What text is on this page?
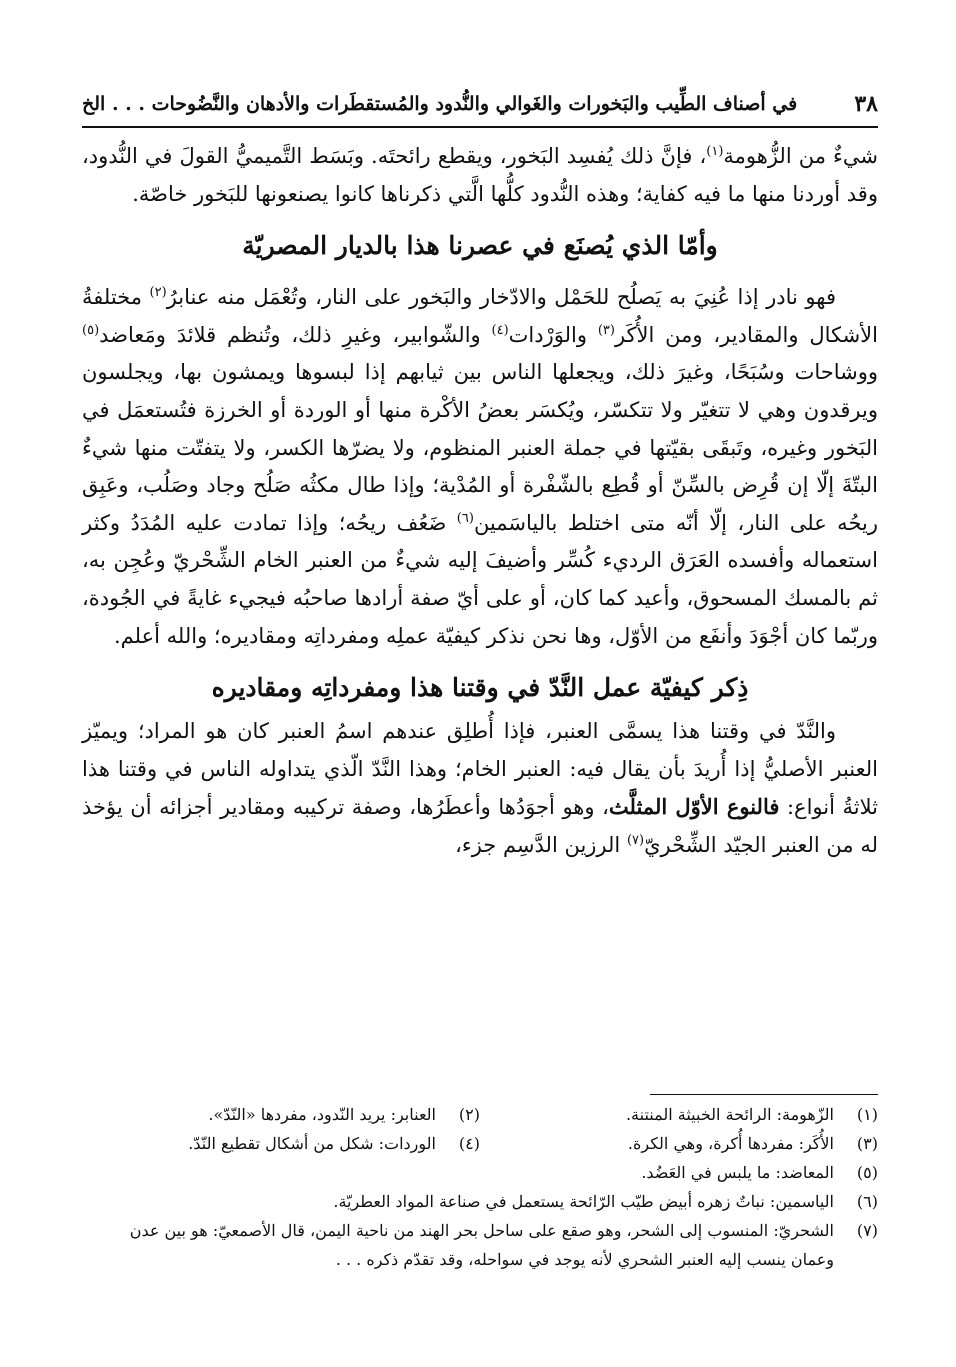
٣٨
في أصناف الطِّيب والبَخورات والغَوالي والنُّدود والمُستقطَرات والأدهان والنَّضُوحات . . . الخ

شيءٌ من الزُّهومة$^{(١)}$، فإنَّ ذلك يُفسِد البَخور، ويقطع رائحتَه. وبَسَط التَّميميُّ القولَ في النُّدود، وقد أوردنا منها ما فيه كفاية؛ وهذه النُّدود كلُّها الَّتي ذكرناها كانوا يصنعونها للبَخور خاصّة.

وأمّا الذي يُصنَع في عصرنا هذا بالديار المصريّة

فهو نادر إذا عُنِيَ به يَصلُح للحَمْل والادّخار والبَخور على النار، وتُعْمَل منه عنابرُ$^{(٢)}$ مختلفةُ الأشكال والمقادير، ومن الأُكَر$^{(٣)}$ والوَرْدات$^{(٤)}$ والشّوابير، وغيرِ ذلك، وتُنظم قلائدَ ومَعاضد$^{(٥)}$ ووشاحات وسُبَحًا، وغيرَ ذلك، ويجعلها الناس بين ثيابهم إذا لبسوها ويمشون بها، ويجلسون ويرقدون وهي لا تتغيّر ولا تتكسّر، ويُكسَر بعضُ الأكْرة منها أو الوردة أو الخرزة فتُستعمَل في البَخور وغيره، وتَبقَى بقيّتها في جملة العنبر المنظوم، ولا يضرّها الكسر، ولا يتفتّت منها شيءٌ البتّةَ إلّا إن قُرِض بالسِّنّ أو قُطِع بالشّفْرة أو المُدْية؛ وإذا طال مكثُه صَلُح وجاد وصَلُب، وعَبِق ريحُه على النار، إلّا أنّه متى اختلط بالياسَمين$^{(٦)}$ ضَعُف ريحُه؛ وإذا تمادت عليه المُدَدُ وكثر استعماله وأفسده العَرَق الرديء كُسِّر وأضيفَ إليه شيءٌ من العنبر الخام الشِّحْريّ وعُجِن به، ثم بالمسك المسحوق، وأعيد كما كان، أو على أيّ صفة أرادها صاحبُه فيجيء غايةً في الجُودة، وربّما كان أجْوَدَ وأنفَع من الأوّل، وها نحن نذكر كيفيّة عملِه ومفرداتِه ومقاديره؛ والله أعلم.

ذِكر كيفيّة عمل النَّدّ في وقتنا هذا ومفرداتِه ومقاديره

والنَّدّ في وقتنا هذا يسمَّى العنبر، فإذا أُطلِق عندهم اسمُ العنبر كان هو المراد؛ ويميّز العنبر الأصليُّ إذا أُريدَ بأن يقال فيه: العنبر الخام؛ وهذا النَّدّ الّذي يتداوله الناس في وقتنا هذا ثلاثةُ أنواع: فالنوع الأوّل المثلَّث، وهو أجوَدُها وأعطَرُها، وصفة تركيبه ومقادير أجزائه أن يؤخذ له من العنبر الجيّد الشِّحْريّ$^{(٧)}$ الرزين الدَّسِم جزء،

(١)
الزّهومة: الرائحة الخبيثة المنتنة.
(٢)
العنابر: يريد النّدود، مفردها «النّدّ».
(٣)
الأُكَر: مفردها أُكرة، وهي الكرة.
(٤)
الوردات: شكل من أشكال تقطيع النّدّ.
(٥)
المعاضد: ما يلبس في العَضُد.
(٦)
الياسمين: نباتٌ زهره أبيض طيّب الرّائحة يستعمل في صناعة المواد العطريّة.
(٧)
الشحريّ: المنسوب إلى الشحر، وهو صقع على ساحل بحر الهند من ناحية اليمن، قال الأصمعيّ: هو بين عدن وعمان ينسب إليه العنبر الشحري لأنه يوجد في سواحله، وقد تقدّم ذكره . . .
